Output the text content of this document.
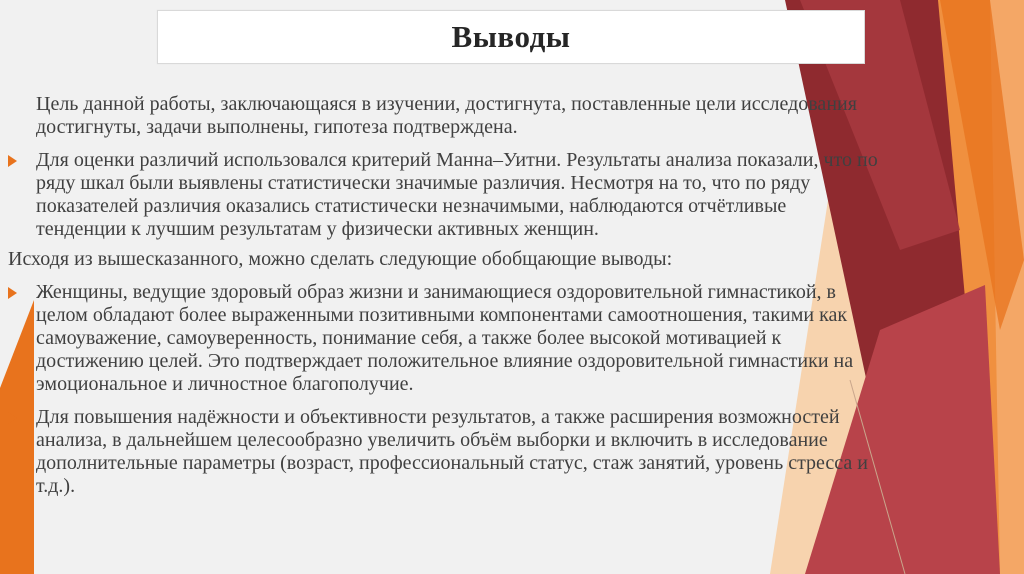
Выводы
Цель данной работы, заключающаяся в изучении, достигнута, поставленные цели исследования достигнуты, задачи выполнены, гипотеза подтверждена.
Для оценки различий использовался критерий Манна–Уитни. Результаты анализа показали, что по ряду шкал были выявлены статистически значимые различия. Несмотря на то, что по ряду показателей различия оказались статистически незначимыми, наблюдаются отчётливые тенденции к лучшим результатам у физически активных женщин.
Исходя из вышесказанного, можно сделать следующие обобщающие выводы:
Женщины, ведущие здоровый образ жизни и занимающиеся оздоровительной гимнастикой, в целом обладают более выраженными позитивными компонентами самоотношения, такими как самоуважение, самоуверенность, понимание себя, а также более высокой мотивацией к достижению целей. Это подтверждает положительное влияние оздоровительной гимнастики на эмоциональное и личностное благополучие.
Для повышения надёжности и объективности результатов, а также расширения возможностей анализа, в дальнейшем целесообразно увеличить объём выборки и включить в исследование дополнительные параметры (возраст, профессиональный статус, стаж занятий, уровень стресса и т.д.).
